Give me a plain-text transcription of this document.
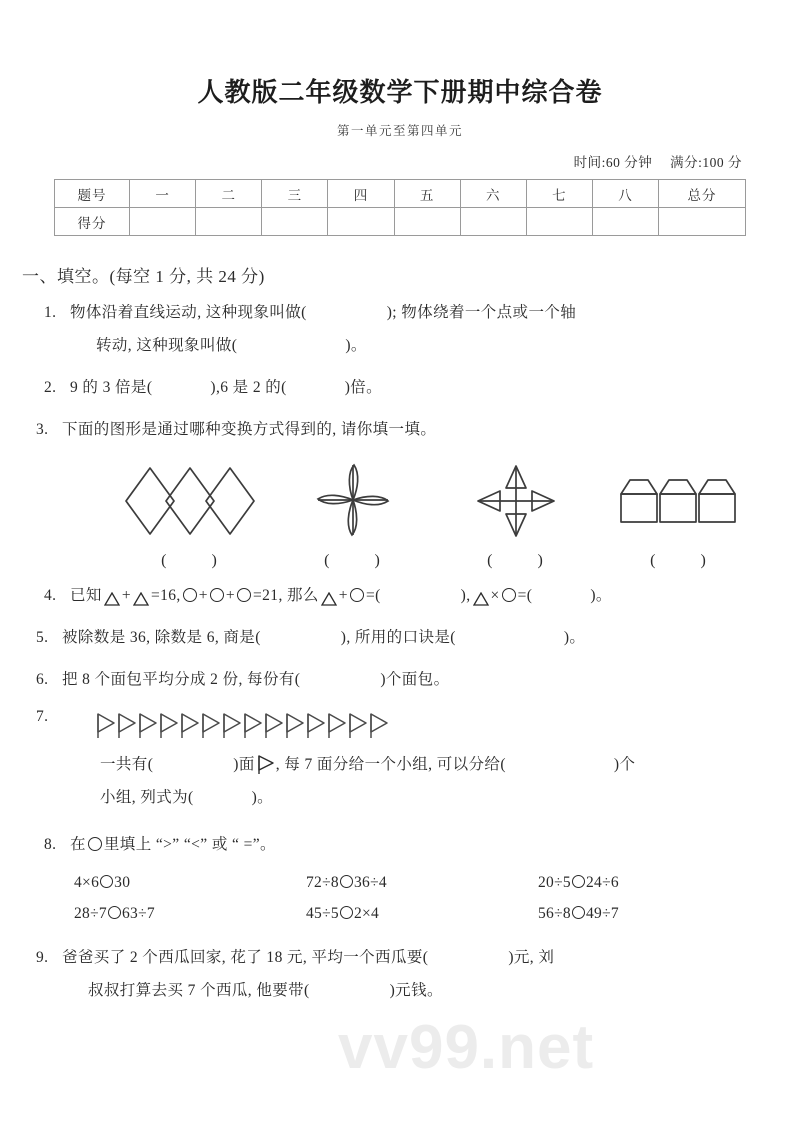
vv99.net
人教版二年级数学下册期中综合卷
第一单元至第四单元
时间:60 分钟 满分:100 分
题号	一	二	三	四	五	六	七	八	总分
得分									
一、填空。(每空 1 分, 共 24 分)
1. 物体沿着直线运动, 这种现象叫做(	); 物体绕着一个点或一个轴
转动, 这种现象叫做(	)。
2. 9 的 3 倍是(	),6 是 2 的(	)倍。
3. 下面的图形是通过哪种变换方式得到的, 请你填一填。
(	)	(	)	(	)	(	)
4. 已知 + =16, + + =21, 那么 + =(	), × =(	)。
5. 被除数是 36, 除数是 6, 商是(	), 所用的口诀是(	)。
6. 把 8 个面包平均分成 2 份, 每份有(	)个面包。
7.
一共有(	)面 , 每 7 面分给一个小组, 可以分给(	)个
小组, 列式为(	)。
8. 在 里填上 “>” “<” 或 “ =”。
4×6 30	72÷8 36÷4	20÷5 24÷6
28÷7 63÷7	45÷5 2×4	56÷8 49÷7
9. 爸爸买了 2 个西瓜回家, 花了 18 元, 平均一个西瓜要(	)元, 刘
叔叔打算去买 7 个西瓜, 他要带(	)元钱。
